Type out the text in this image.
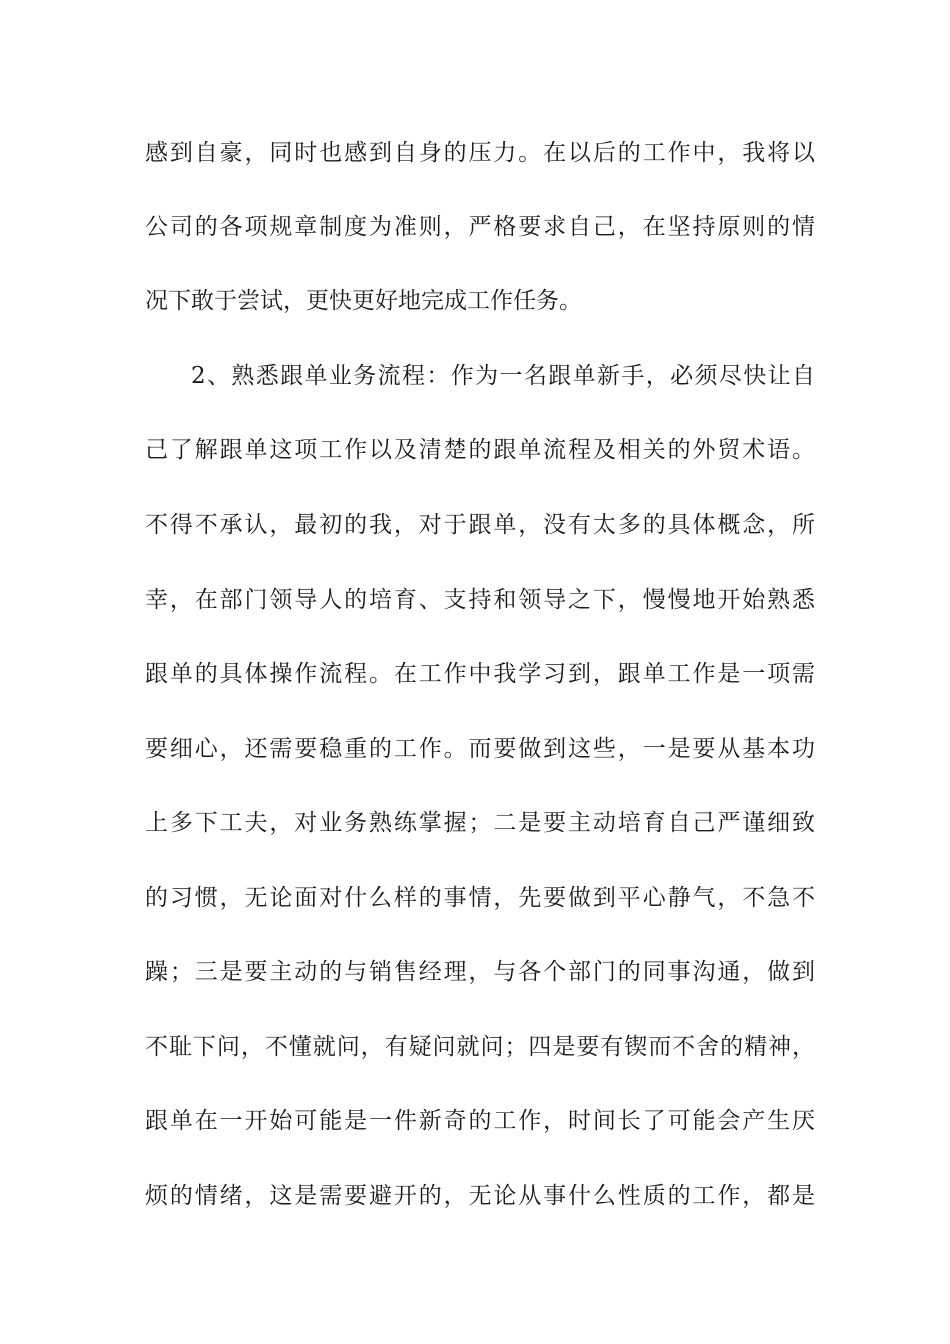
感到自豪，同时也感到自身的压力。在以后的工作中，我将以
公司的各项规章制度为准则，严格要求自己，在坚持原则的情
况下敢于尝试，更快更好地完成工作任务。
2、熟悉跟单业务流程：作为一名跟单新手，必须尽快让自
己了解跟单这项工作以及清楚的跟单流程及相关的外贸术语。
不得不承认，最初的我，对于跟单，没有太多的具体概念，所
幸，在部门领导人的培育、支持和领导之下，慢慢地开始熟悉
跟单的具体操作流程。在工作中我学习到，跟单工作是一项需
要细心，还需要稳重的工作。而要做到这些，一是要从基本功
上多下工夫，对业务熟练掌握；二是要主动培育自己严谨细致
的习惯，无论面对什么样的事情，先要做到平心静气，不急不
躁；三是要主动的与销售经理，与各个部门的同事沟通，做到
不耻下问，不懂就问，有疑问就问；四是要有锲而不舍的精神，
跟单在一开始可能是一件新奇的工作，时间长了可能会产生厌
烦的情绪，这是需要避开的，无论从事什么性质的工作，都是
